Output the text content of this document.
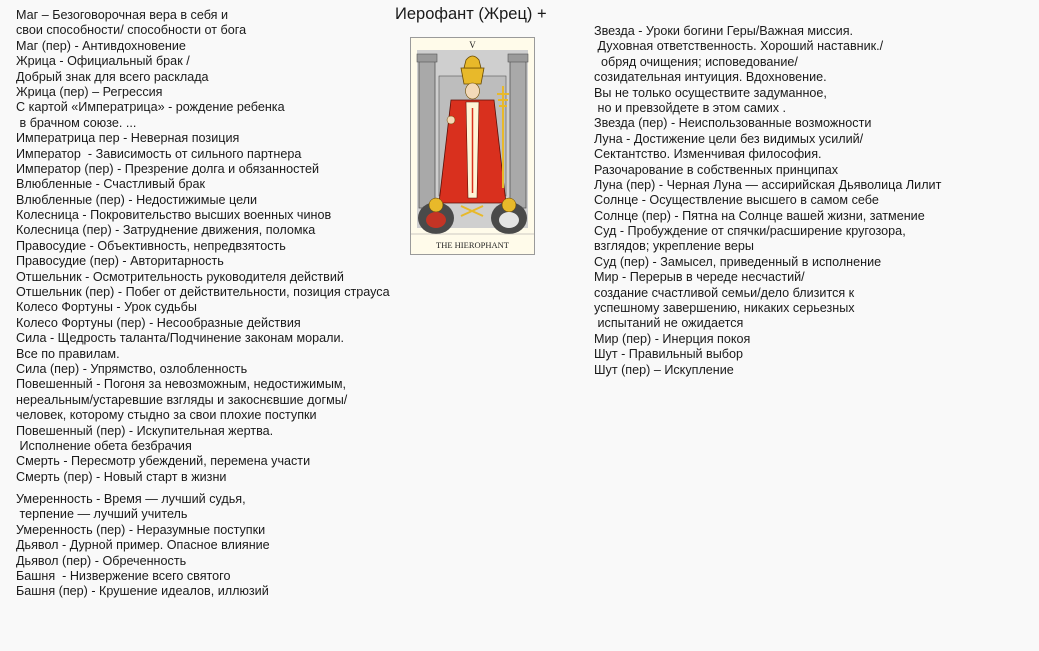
Иерофант (Жрец) +
V
THE HIEROPHANT
Маг – Безоговорочная вера в себя и
свои способности/ способности от бога
Маг (пер) - Антивдохновение
Жрица - Официальный брак /
Добрый знак для всего расклада
Жрица (пер) – Регрессия
С картой «Императрица» - рождение ребенка
в брачном союзе. ...
Императрица пер - Неверная позиция
Император  - Зависимость от сильного партнера
Император (пер) - Презрение долга и обязанностей
Влюбленные - Счастливый брак
Влюбленные (пер) - Недостижимые цели
Колесница - Покровительство высших военных чинов
Колесница (пер) - Затруднение движения, поломка
Правосудие - Объективность, непредвзятость
Правосудие (пер) - Авторитарность
Отшельник - Осмотрительность руководителя действий
Отшельник (пер) - Побег от действительности, позиция страуса
Колесо Фортуны - Урок судьбы
Колесо Фортуны (пер) - Несообразные действия
Сила - Щедрость таланта/Подчинение законам морали.
Все по правилам.
Сила (пер) - Упрямство, озлобленность
Повешенный - Погоня за невозможным, недостижимым,
нереальным/устаревшие взгляды и закоснєвшие догмы/
человек, которому стыдно за свои плохие поступки
Повешенный (пер) - Искупительная жертва.
Исполнение обета безбрачия
Смерть - Пересмотр убеждений, перемена участи
Смерть (пер) - Новый старт в жизни
Умеренность - Время — лучший судья,
терпение — лучший учитель
Умеренность (пер) - Неразумные поступки
Дьявол - Дурной пример. Опасное влияние
Дьявол (пер) - Обреченность
Башня  - Низвержение всего святого
Башня (пер) - Крушение идеалов, иллюзий
Звезда - Уроки богини Геры/Важная миссия.
Духовная ответственность. Хороший наставник./
обряд очищения; исповедование/
созидательная интуиция. Вдохновение.
Вы не только осуществите задуманное,
но и превзойдете в этом самих .
Звезда (пер) - Неиспользованные возможности
Луна - Достижение цели без видимых усилий/
Сектантство. Изменчивая философия.
Разочарование в собственных принципах
Луна (пер) - Черная Луна — ассирийская Дьяволица Лилит
Солнце - Осуществление высшего в самом себе
Солнце (пер) - Пятна на Солнце вашей жизни, затмение
Суд - Пробуждение от спячки/расширение кругозора,
взглядов; укрепление веры
Суд (пер) - Замысел, приведенный в исполнение
Мир - Перерыв в череде несчастий/
создание счастливой семьи/дело близится к
успешному завершению, никаких серьезных
испытаний не ожидается
Мир (пер) - Инерция покоя
Шут - Правильный выбор
Шут (пер) – Искупление
